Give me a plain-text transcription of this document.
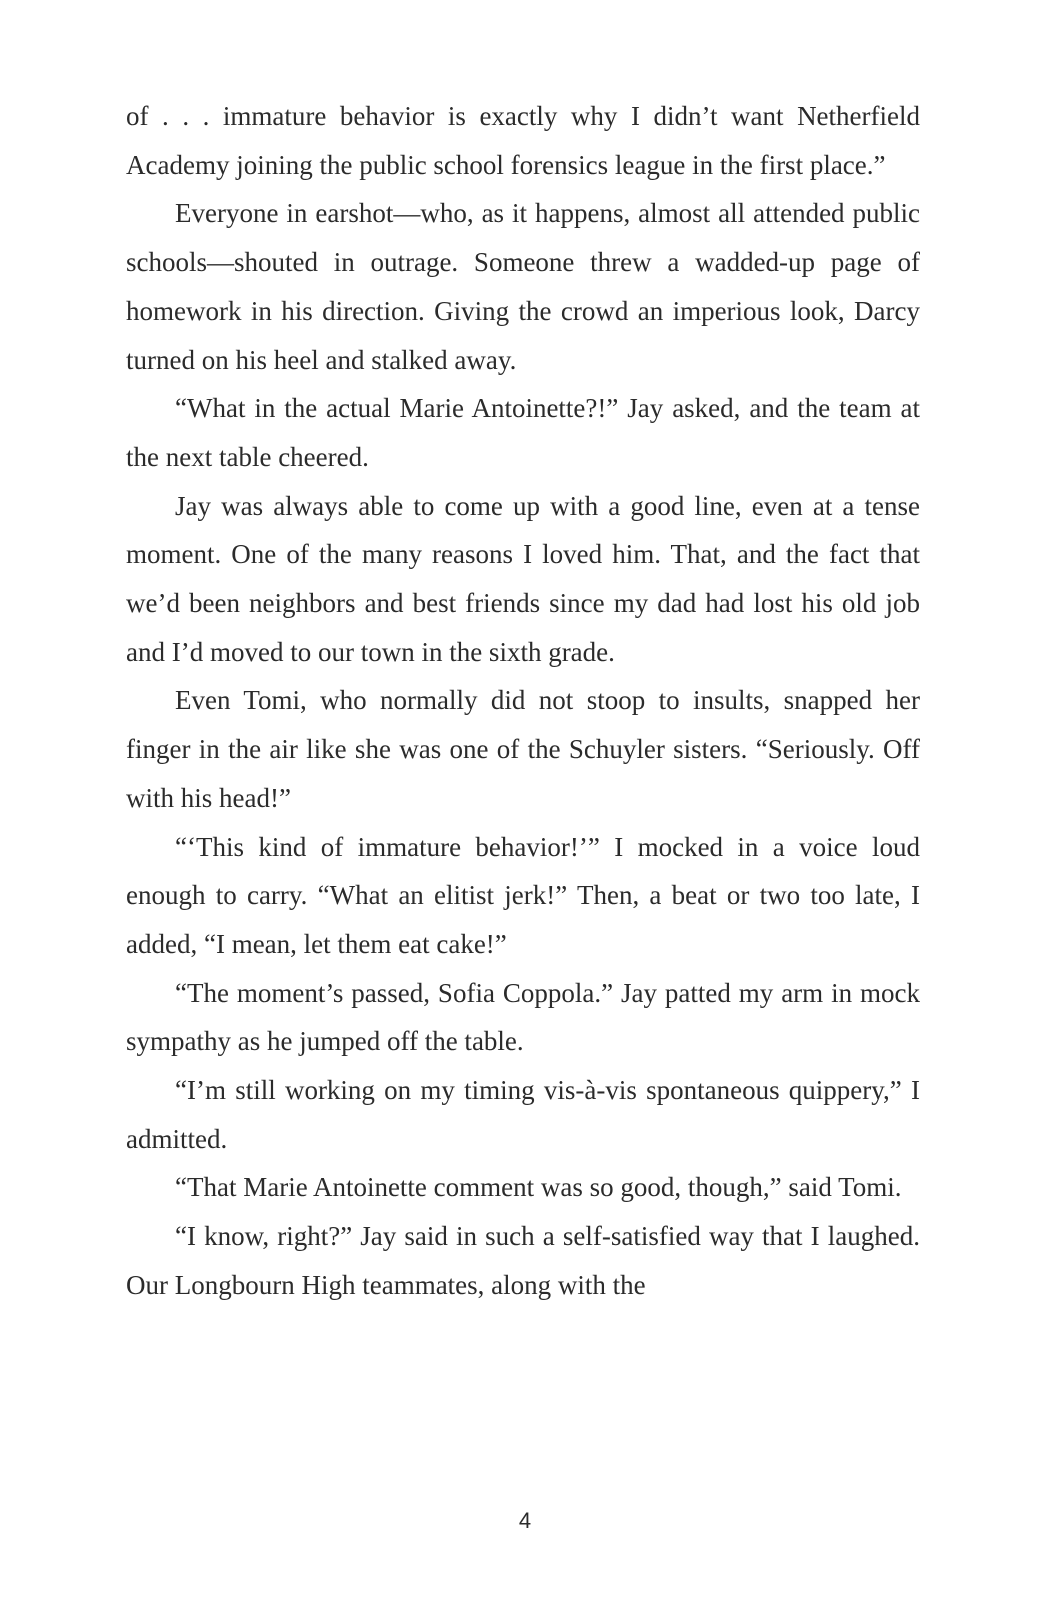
of . . . immature behavior is exactly why I didn’t want Netherfield Academy joining the public school forensics league in the first place.”

Everyone in earshot—who, as it happens, almost all attended public schools—shouted in outrage. Someone threw a wadded-up page of homework in his direction. Giving the crowd an imperious look, Darcy turned on his heel and stalked away.

“What in the actual Marie Antoinette?!” Jay asked, and the team at the next table cheered.

Jay was always able to come up with a good line, even at a tense moment. One of the many reasons I loved him. That, and the fact that we’d been neighbors and best friends since my dad had lost his old job and I’d moved to our town in the sixth grade.

Even Tomi, who normally did not stoop to insults, snapped her finger in the air like she was one of the Schuyler sisters. “Seriously. Off with his head!”

“‘This kind of immature behavior!’” I mocked in a voice loud enough to carry. “What an elitist jerk!” Then, a beat or two too late, I added, “I mean, let them eat cake!”

“The moment’s passed, Sofia Coppola.” Jay patted my arm in mock sympathy as he jumped off the table.

“I’m still working on my timing vis-à-vis spontaneous quippery,” I admitted.

“That Marie Antoinette comment was so good, though,” said Tomi.

“I know, right?” Jay said in such a self-satisfied way that I laughed. Our Longbourn High teammates, along with the

4
